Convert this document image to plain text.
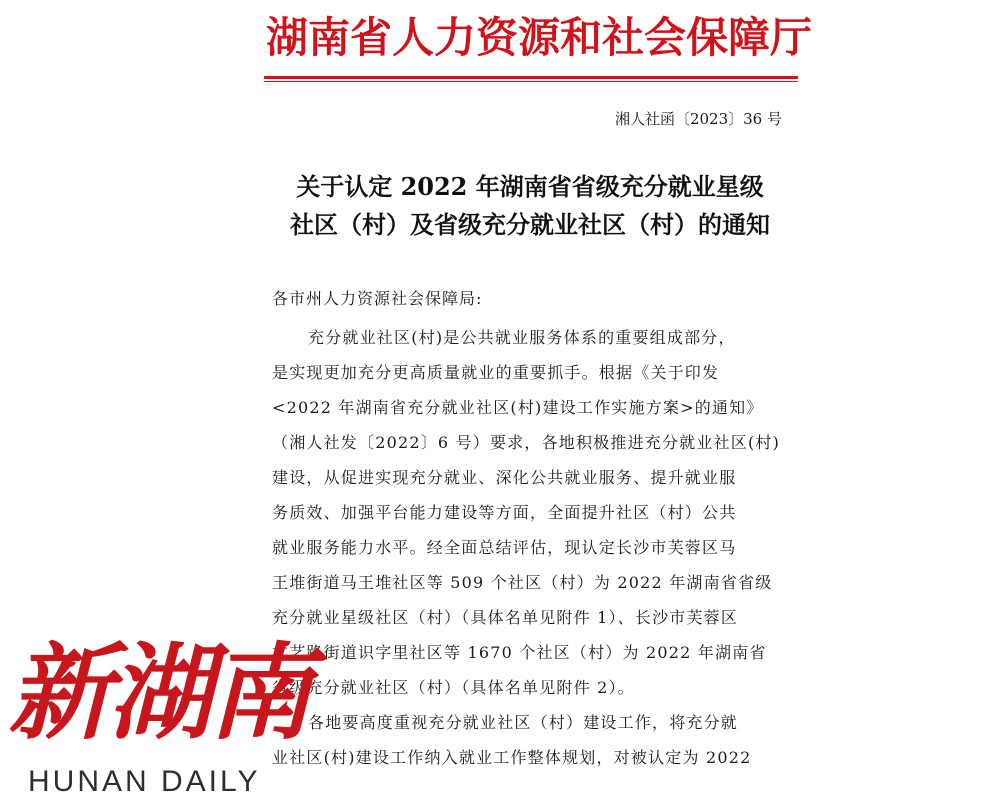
湖南省人力资源和社会保障厅
湘人社函〔2023〕36 号
关于认定 2022 年湖南省省级充分就业星级
社区（村）及省级充分就业社区（村）的通知
各市州人力资源社会保障局:
充分就业社区(村)是公共就业服务体系的重要组成部分，
是实现更加充分更高质量就业的重要抓手。根据《关于印发
<2022 年湖南省充分就业社区(村)建设工作实施方案>的通知》
（湘人社发〔2022〕6 号）要求，各地积极推进充分就业社区(村)
建设，从促进实现充分就业、深化公共就业服务、提升就业服
务质效、加强平台能力建设等方面，全面提升社区（村）公共
就业服务能力水平。经全面总结评估，现认定长沙市芙蓉区马
王堆街道马王堆社区等 509 个社区（村）为 2022 年湖南省省级
充分就业星级社区（村）（具体名单见附件 1）、长沙市芙蓉区
文艺路街道识字里社区等 1670 个社区（村）为 2022 年湖南省
省级充分就业社区（村）（具体名单见附件 2）。
各地要高度重视充分就业社区（村）建设工作，将充分就
业社区(村)建设工作纳入就业工作整体规划，对被认定为 2022
新湖南
HUNAN DAILY
